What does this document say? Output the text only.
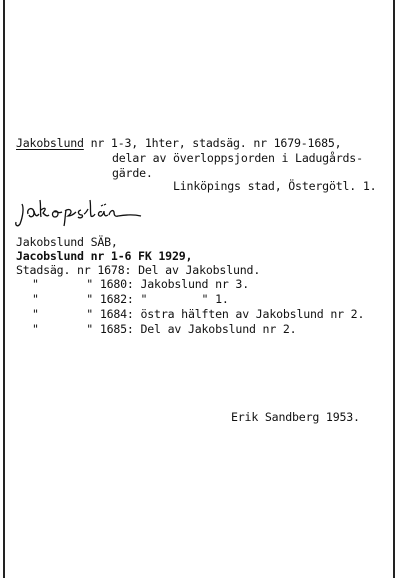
Jakobslund nr 1-3, 1hter, stadsäg. nr 1679-1685,
delar av överloppsjorden i Ladugårds-
gärde.
Linköpings stad, Östergötl. 1.
Jakobslund SÄB,
Jacobslund nr 1-6 FK 1929,
Stadsäg. nr 1678: Del av Jakobslund.
"       " 1680: Jakobslund nr 3.
"       " 1682: "        " 1.
"       " 1684: östra hälften av Jakobslund nr 2.
"       " 1685: Del av Jakobslund nr 2.
Erik Sandberg 1953.
